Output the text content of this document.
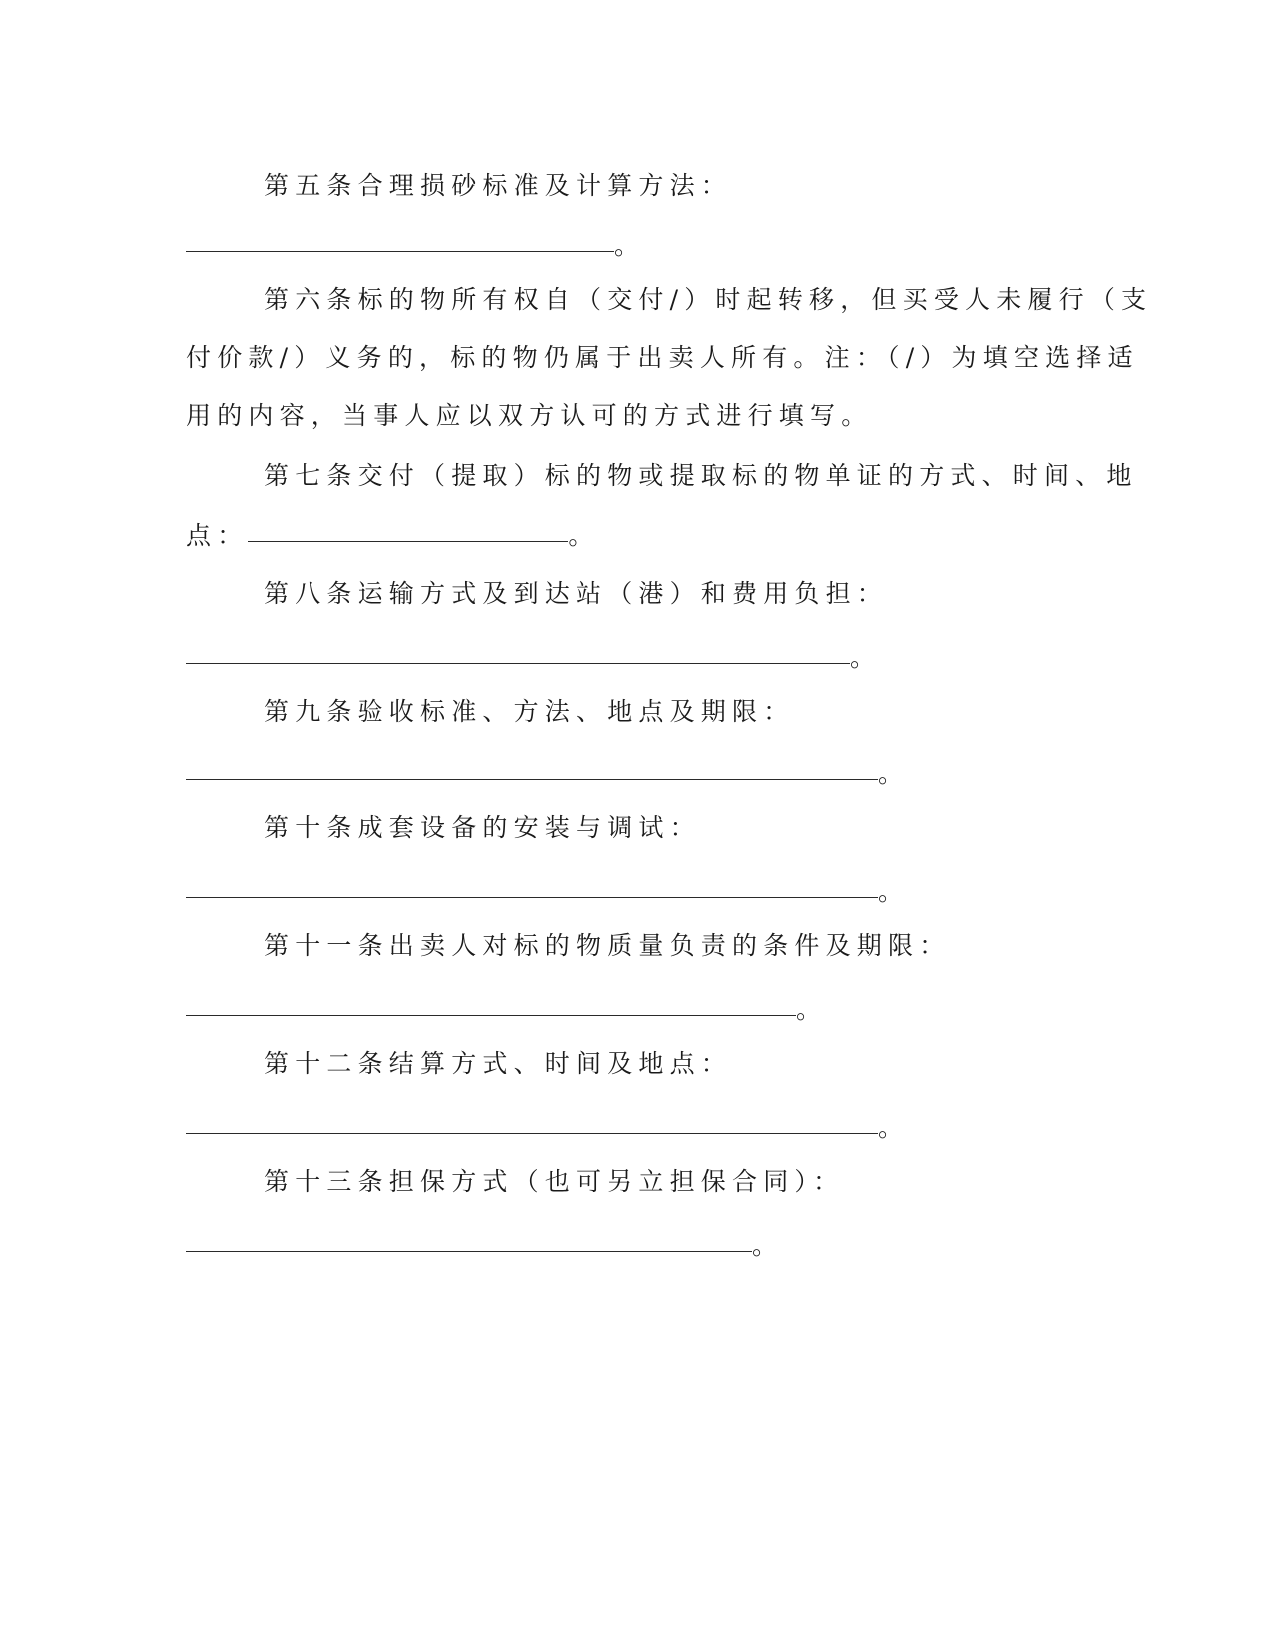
第五条合理损砂标准及计算方法：
。
第六条标的物所有权自（交付/）时起转移，但买受人未履行（支
付价款/）义务的，标的物仍属于出卖人所有。注：（/）为填空选择适
用的内容，当事人应以双方认可的方式进行填写。
第七条交付（提取）标的物或提取标的物单证的方式、时间、地
点：	。
第八条运输方式及到达站（港）和费用负担：
。
第九条验收标准、方法、地点及期限：
。
第十条成套设备的安装与调试：
。
第十一条出卖人对标的物质量负责的条件及期限：
。
第十二条结算方式、时间及地点：
。
第十三条担保方式（也可另立担保合同）：
。
